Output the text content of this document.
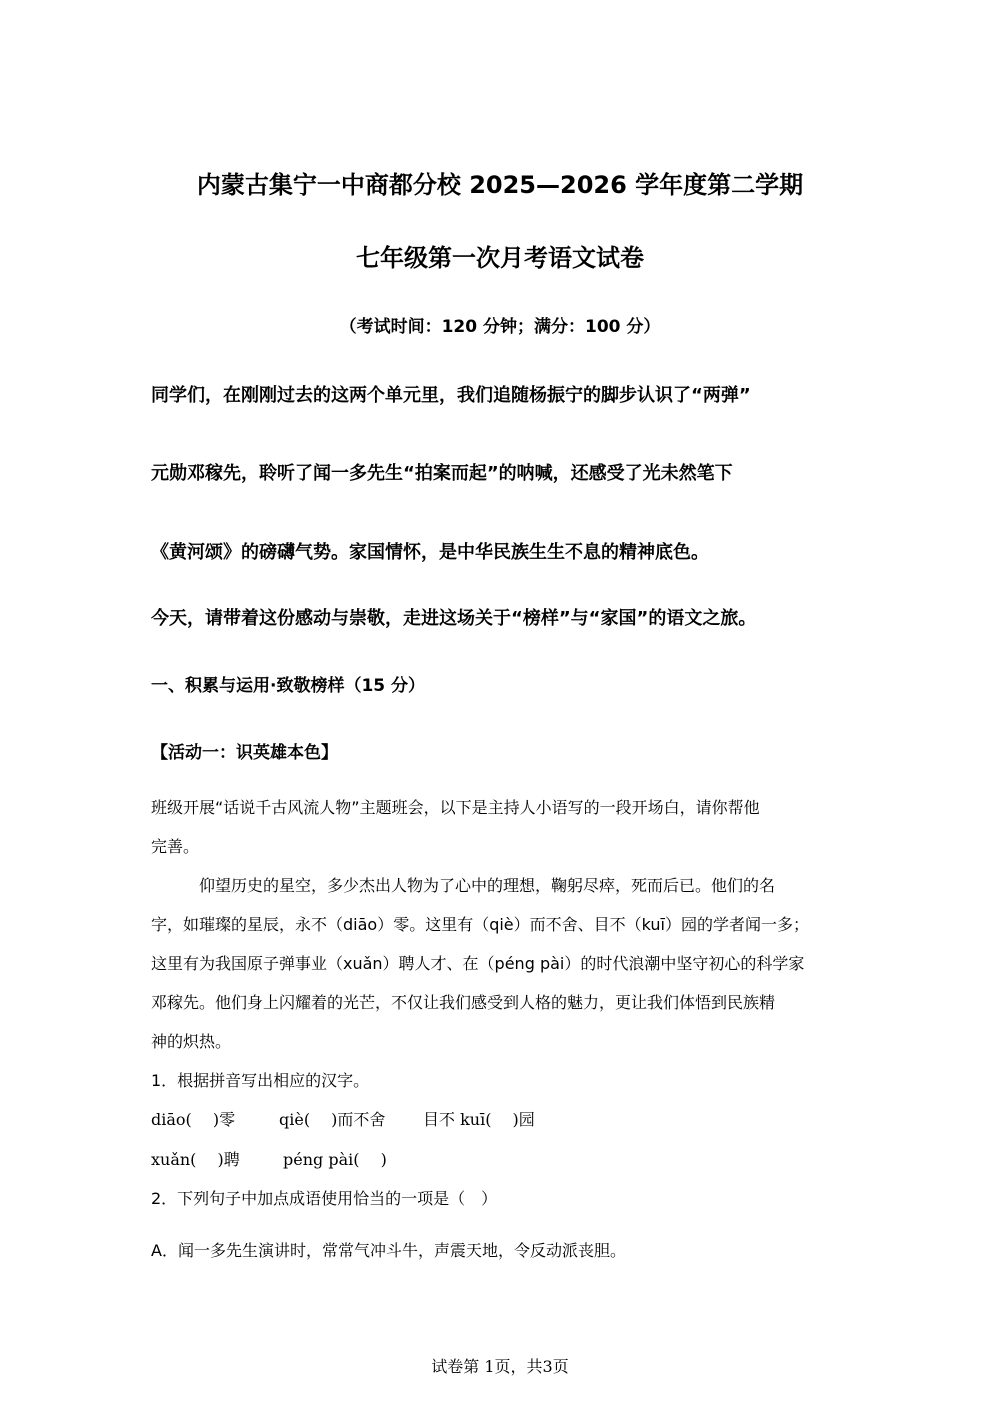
内蒙古集宁一中商都分校 2025—2026 学年度第二学期
七年级第一次月考语文试卷
（考试时间：120 分钟；满分：100 分）
同学们，在刚刚过去的这两个单元里，我们追随杨振宁的脚步认识了“两弹”
元勋邓稼先，聆听了闻一多先生“拍案而起”的呐喊，还感受了光未然笔下
《黄河颂》的磅礴气势。家国情怀，是中华民族生生不息的精神底色。
今天，请带着这份感动与崇敬，走进这场关于“榜样”与“家国”的语文之旅。
一、积累与运用·致敬榜样（15 分）
【活动一：识英雄本色】
班级开展“话说千古风流人物”主题班会，以下是主持人小语写的一段开场白，请你帮他
完善。
仰望历史的星空，多少杰出人物为了心中的理想，鞠躬尽瘁，死而后已。他们的名
字，如璀璨的星辰，永不（diāo）零。这里有（qiè）而不舍、目不（kuī）园的学者闻一多；
这里有为我国原子弹事业（xuǎn）聘人才、在（péng pài）的时代浪潮中坚守初心的科学家
邓稼先。他们身上闪耀着的光芒，不仅让我们感受到人格的魅力，更让我们体悟到民族精
神的炽热。
1．根据拼音写出相应的汉字。
diāo(　 )零	qiè(　 )而不舍 目不 kuī(　 )园
xuǎn(　 )聘	péng pài(　 )
2．下列句子中加点成语使用恰当的一项是（　）
A．闻一多先生演讲时，常常气冲斗牛，声震天地，令反动派丧胆。
试卷第 1页，共3页
